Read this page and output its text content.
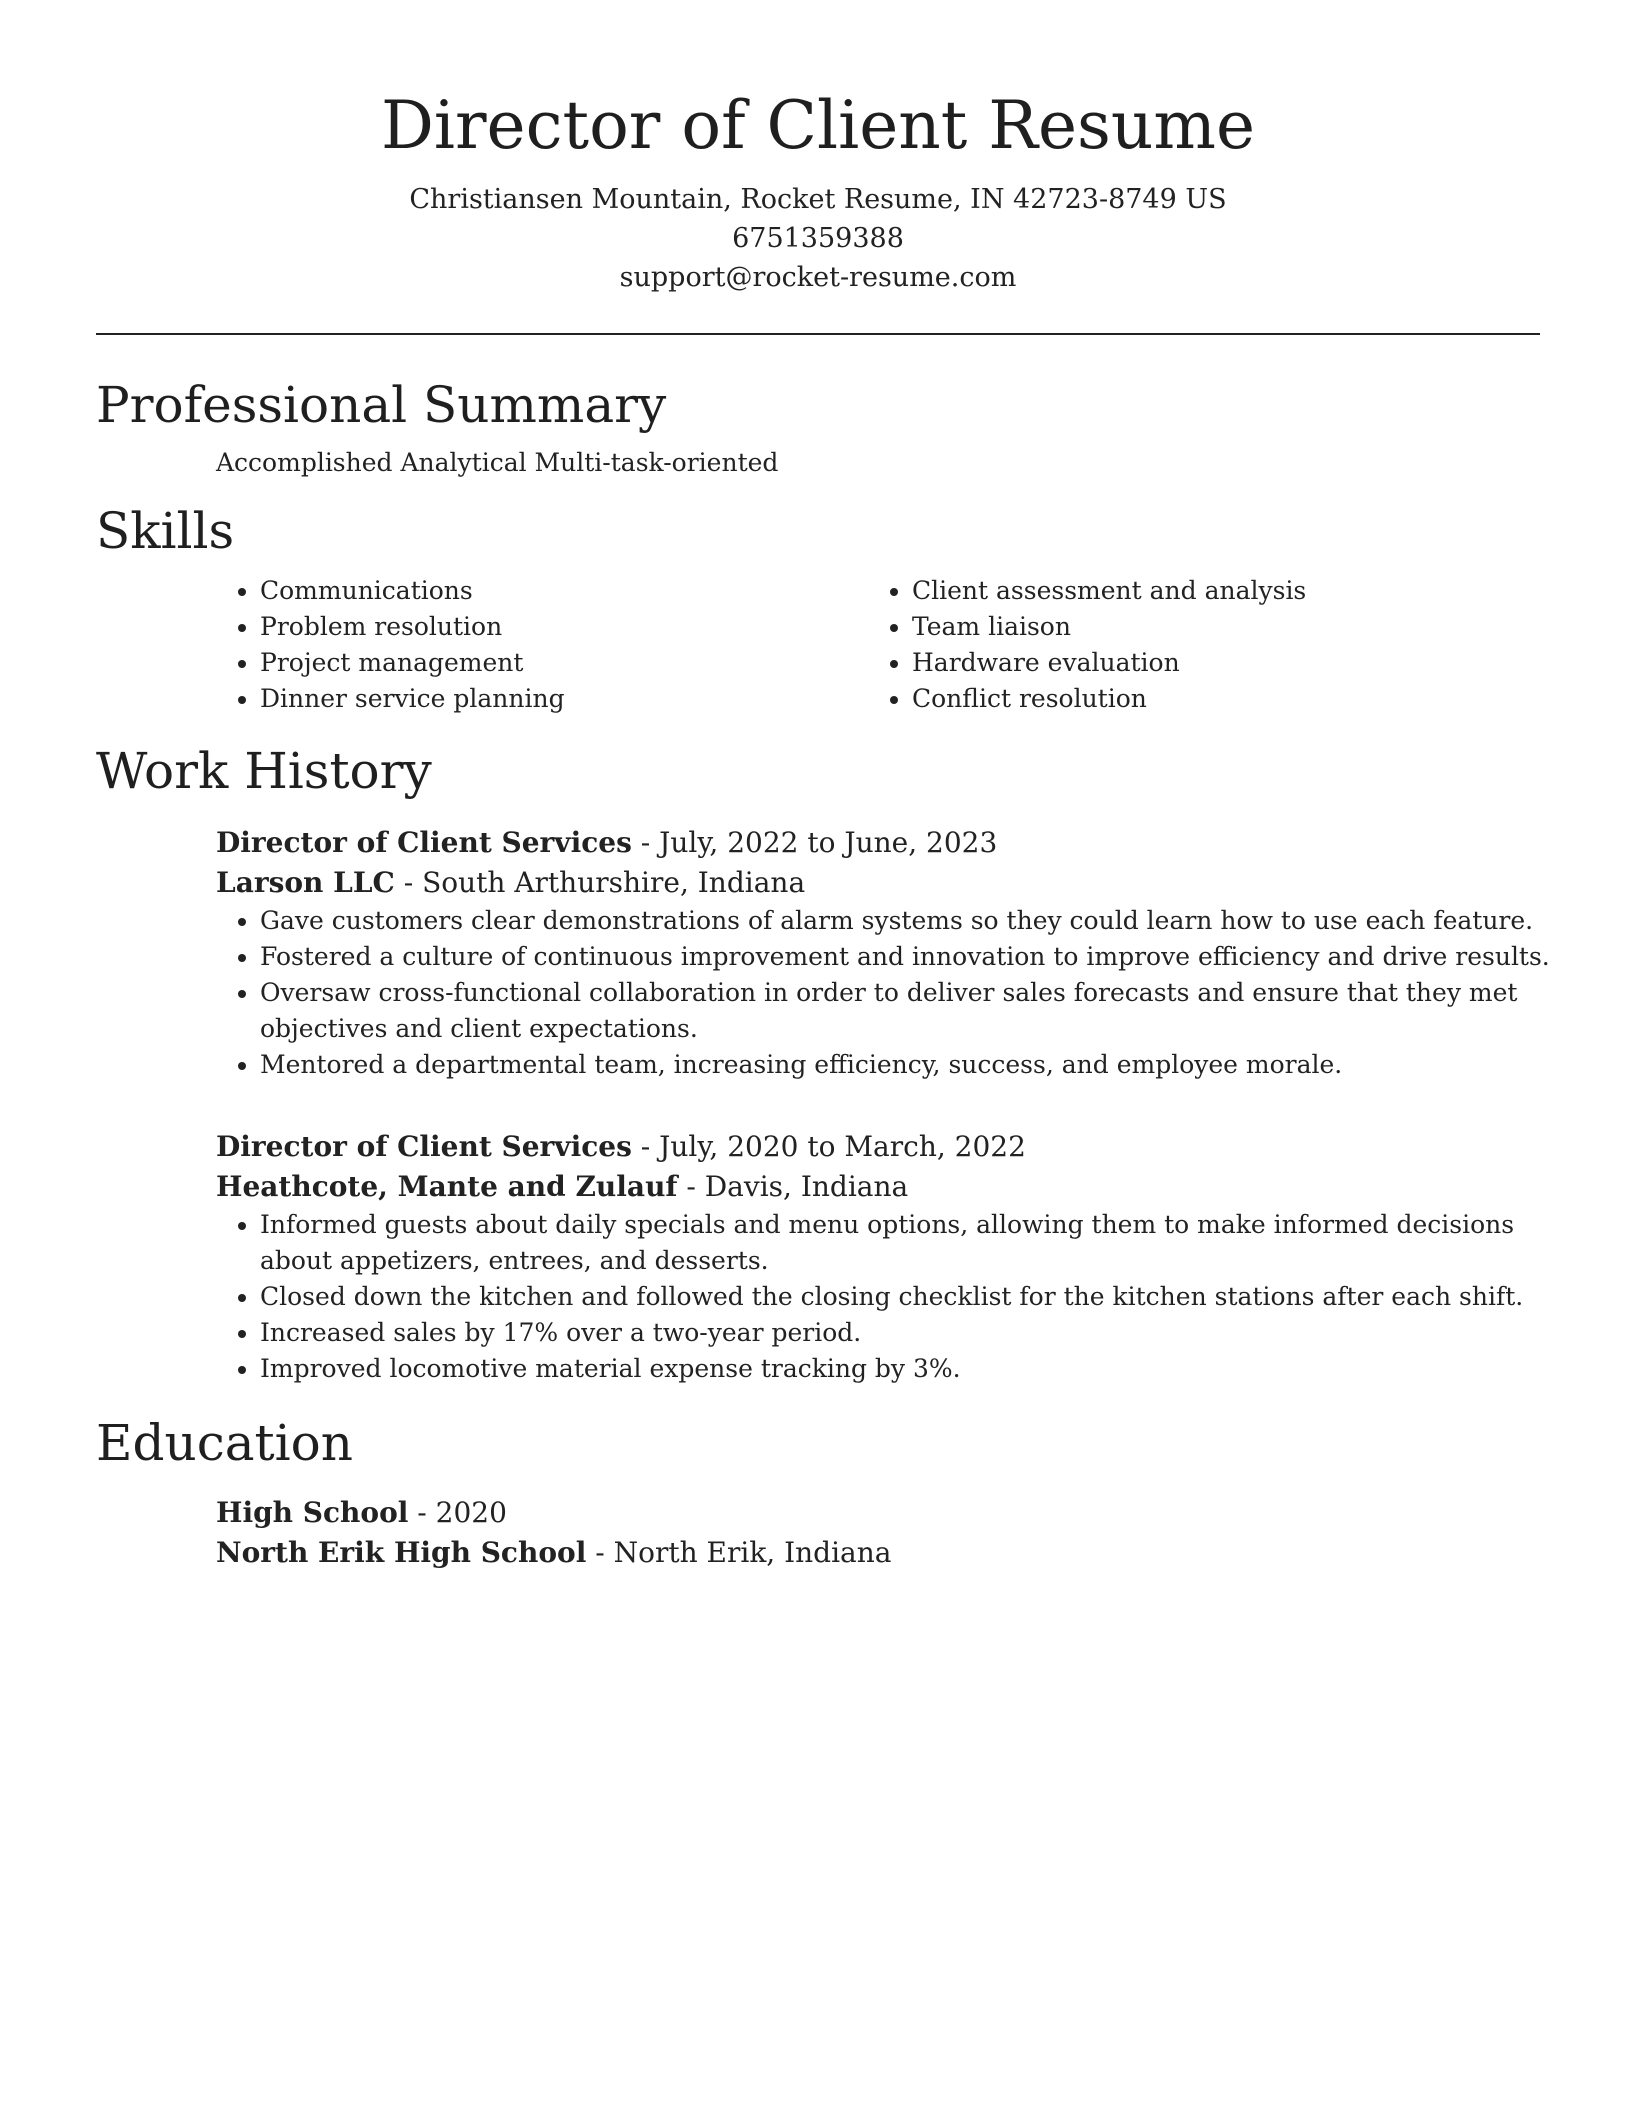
Director of Client Resume
Christiansen Mountain, Rocket Resume, IN 42723-8749 US
6751359388
support@rocket-resume.com
Professional Summary
Accomplished Analytical Multi-task-oriented
Skills
• Communications
• Problem resolution
• Project management
• Dinner service planning
• Client assessment and analysis
• Team liaison
• Hardware evaluation
• Conflict resolution
Work History
Director of Client Services - July, 2022 to June, 2023
Larson LLC - South Arthurshire, Indiana
• Gave customers clear demonstrations of alarm systems so they could learn how to use each feature.
• Fostered a culture of continuous improvement and innovation to improve efficiency and drive results.
• Oversaw cross-functional collaboration in order to deliver sales forecasts and ensure that they met objectives and client expectations.
• Mentored a departmental team, increasing efficiency, success, and employee morale.
Director of Client Services - July, 2020 to March, 2022
Heathcote, Mante and Zulauf - Davis, Indiana
• Informed guests about daily specials and menu options, allowing them to make informed decisions about appetizers, entrees, and desserts.
• Closed down the kitchen and followed the closing checklist for the kitchen stations after each shift.
• Increased sales by 17% over a two-year period.
• Improved locomotive material expense tracking by 3%.
Education
High School - 2020
North Erik High School - North Erik, Indiana
